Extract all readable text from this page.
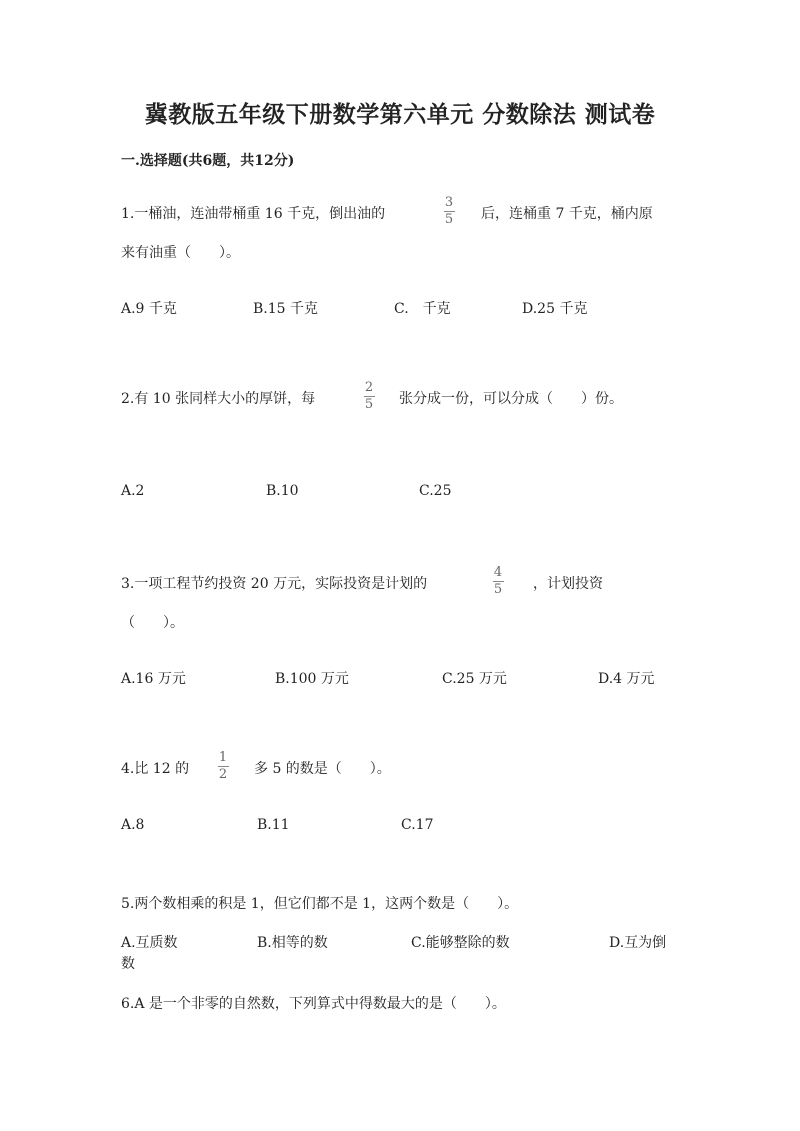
冀教版五年级下册数学第六单元 分数除法 测试卷
一.选择题(共6题，共12分)
1.一桶油，连油带桶重 16 千克，倒出油的
3
5 后，连桶重 7 千克，桶内原
来有油重（　　）。
A.9 千克	B.15 千克	C.　千克	D.25 千克
2.有 10 张同样大小的厚饼，每
2
5 张分成一份，可以分成（　　）份。
A.2	B.10	C.25
3.一项工程节约投资 20 万元，实际投资是计划的
4
5 ，计划投资
（　　）。
A.16 万元	B.100 万元	C.25 万元	D.4 万元
4.比 12 的
1
2 多 5 的数是（　　）。
A.8	B.11	C.17
5.两个数相乘的积是 1，但它们都不是 1，这两个数是（　　）。
A.互质数	B.相等的数	C.能够整除的数	D.互为倒
数
6.A 是一个非零的自然数，下列算式中得数最大的是（　　）。
